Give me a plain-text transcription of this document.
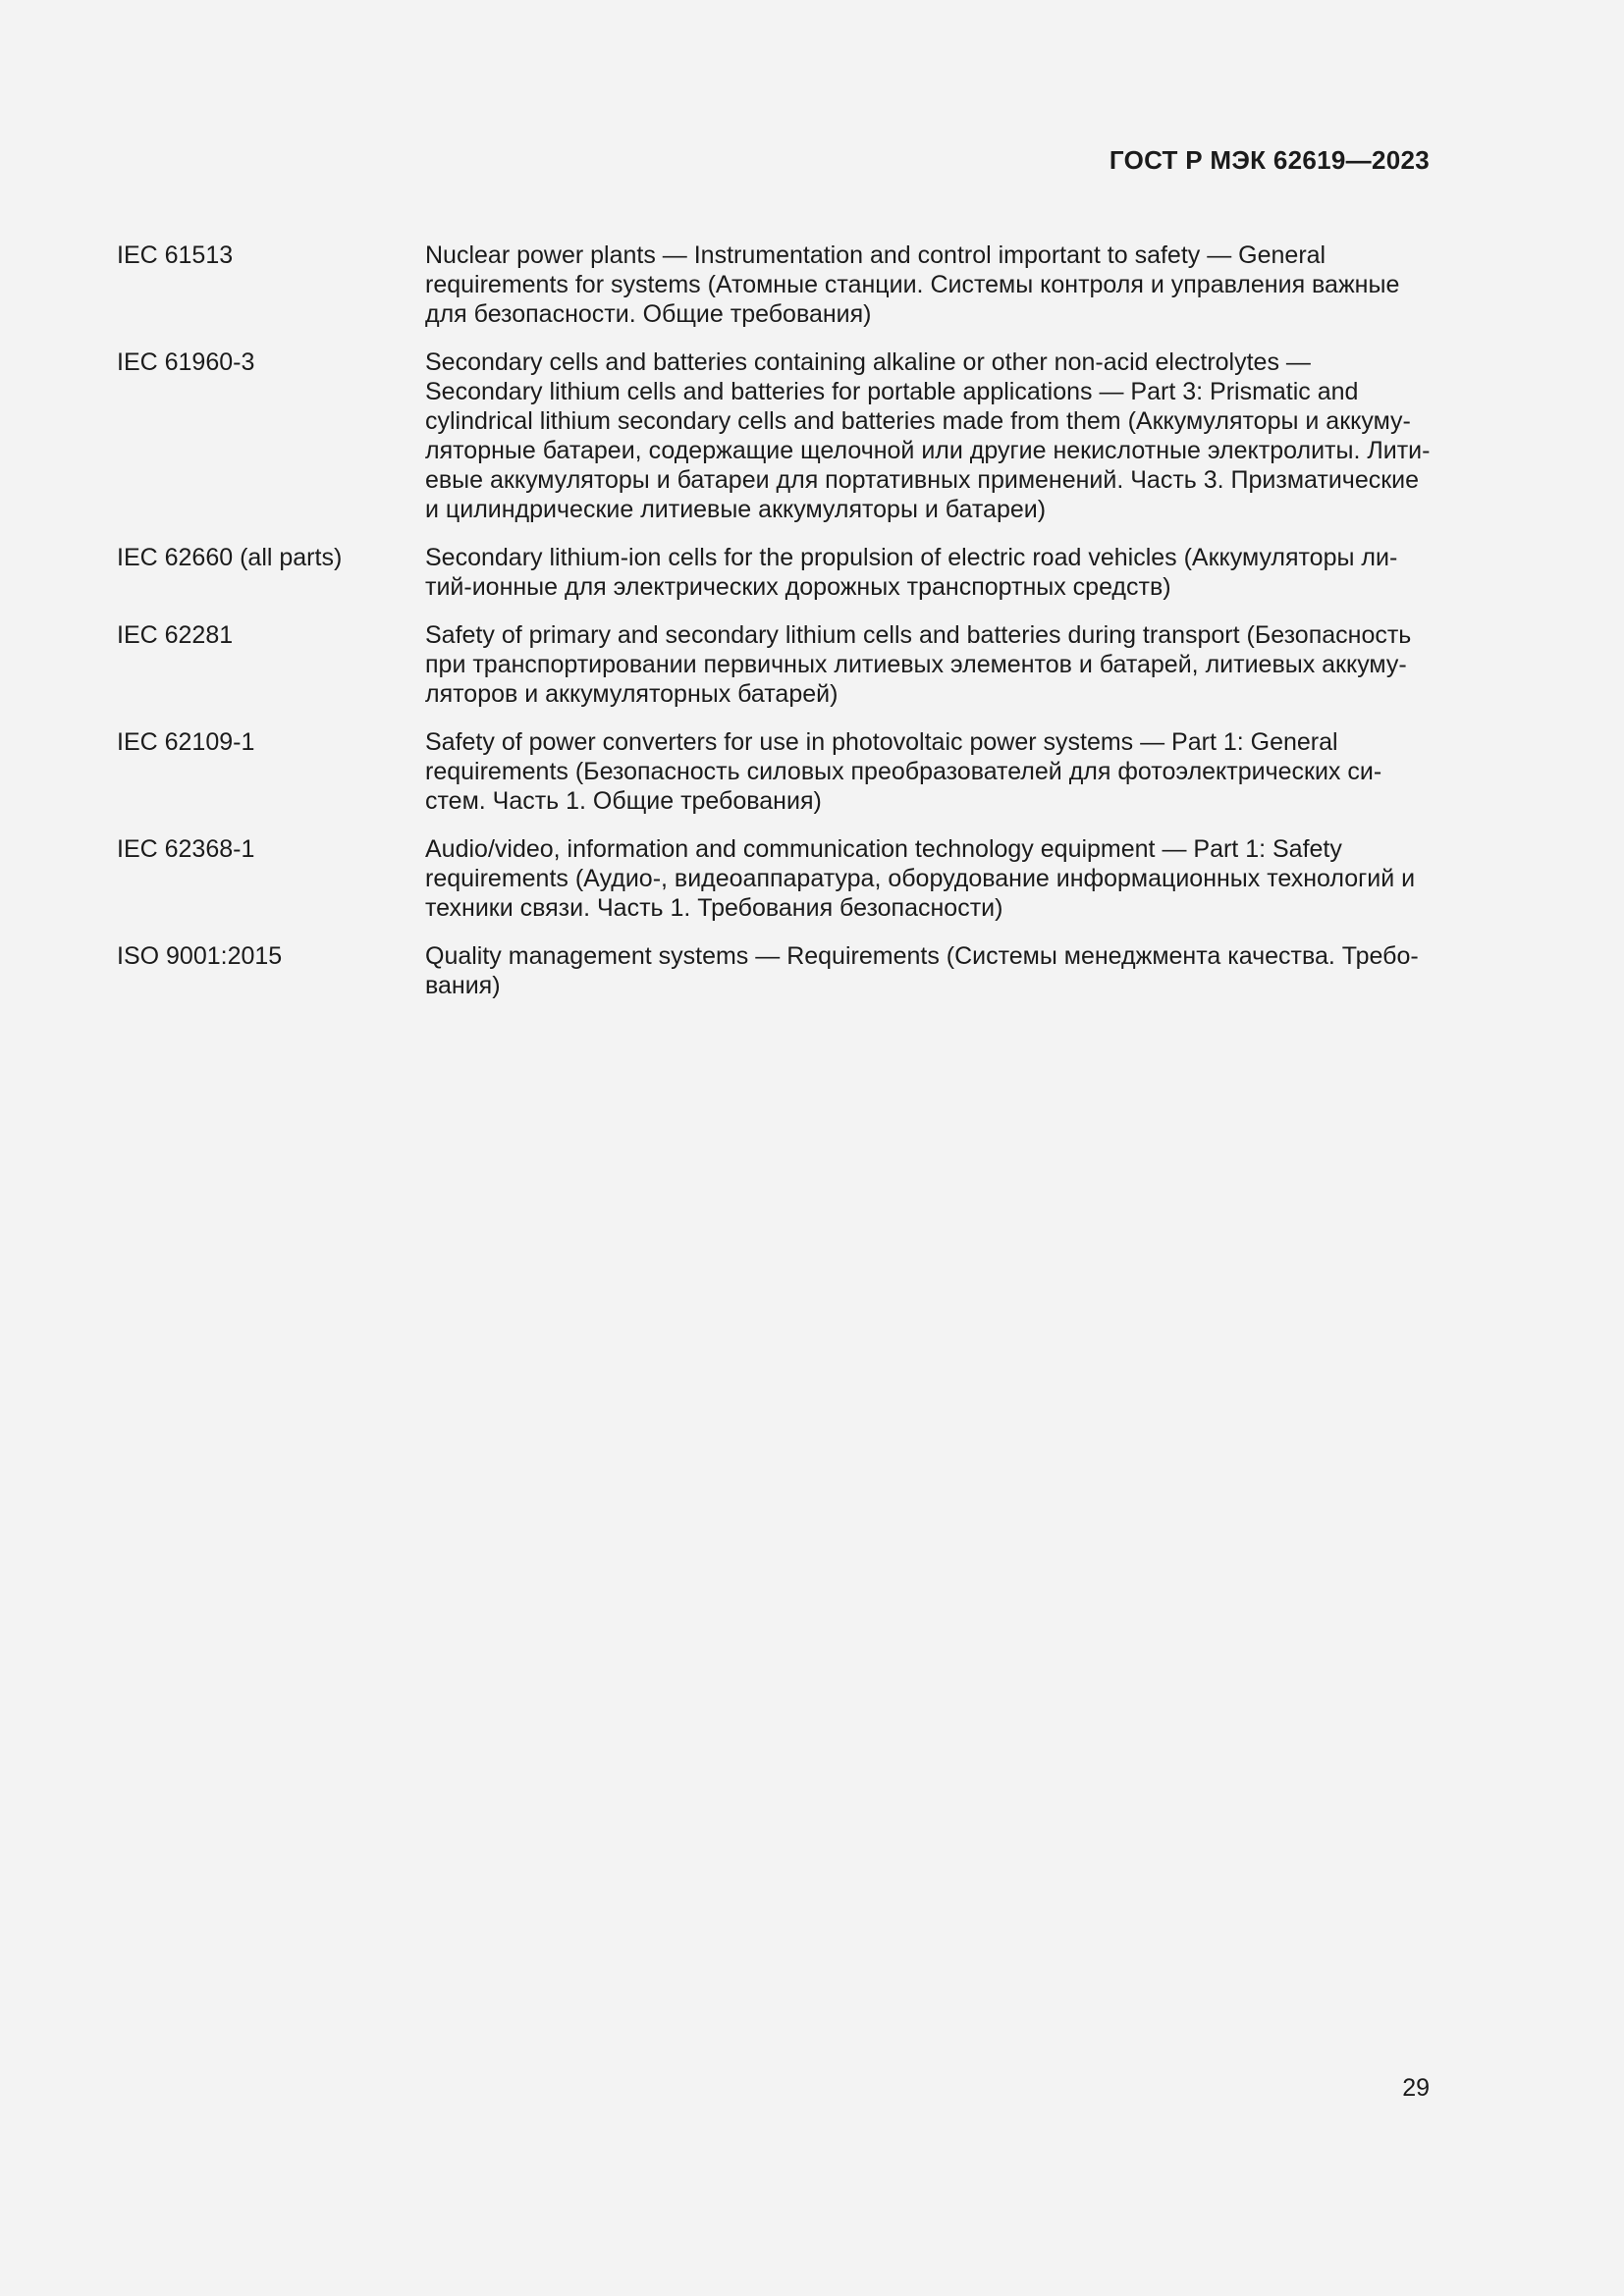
ГОСТ Р МЭК 62619—2023
IEC 61513	Nuclear power plants — Instrumentation and control important to safety — General
requirements for systems (Атомные станции. Системы контроля и управления важные
для безопасности. Общие требования)
IEC 61960-3	Secondary cells and batteries containing alkaline or other non-acid electrolytes —
Secondary lithium cells and batteries for portable applications — Part 3: Prismatic and
cylindrical lithium secondary cells and batteries made from them (Аккумуляторы и аккуму-
ляторные батареи, содержащие щелочной или другие некислотные электролиты. Лити-
евые аккумуляторы и батареи для портативных применений. Часть 3. Призматические
и цилиндрические литиевые аккумуляторы и батареи)
IEC 62660 (all parts)	Secondary lithium-ion cells for the propulsion of electric road vehicles (Аккумуляторы ли-
тий-ионные для электрических дорожных транспортных средств)
IEC 62281	Safety of primary and secondary lithium cells and batteries during transport (Безопасность
при транспортировании первичных литиевых элементов и батарей, литиевых аккуму-
ляторов и аккумуляторных батарей)
IEC 62109-1	Safety of power converters for use in photovoltaic power systems — Part 1: General
requirements (Безопасность силовых преобразователей для фотоэлектрических си-
стем. Часть 1. Общие требования)
IEC 62368-1	Audio/video, information and communication technology equipment — Part 1: Safety
requirements (Аудио-, видеоаппаратура, оборудование информационных технологий и
техники связи. Часть 1. Требования безопасности)
ISO 9001:2015	Quality management systems — Requirements (Системы менеджмента качества. Требо-
вания)
29
